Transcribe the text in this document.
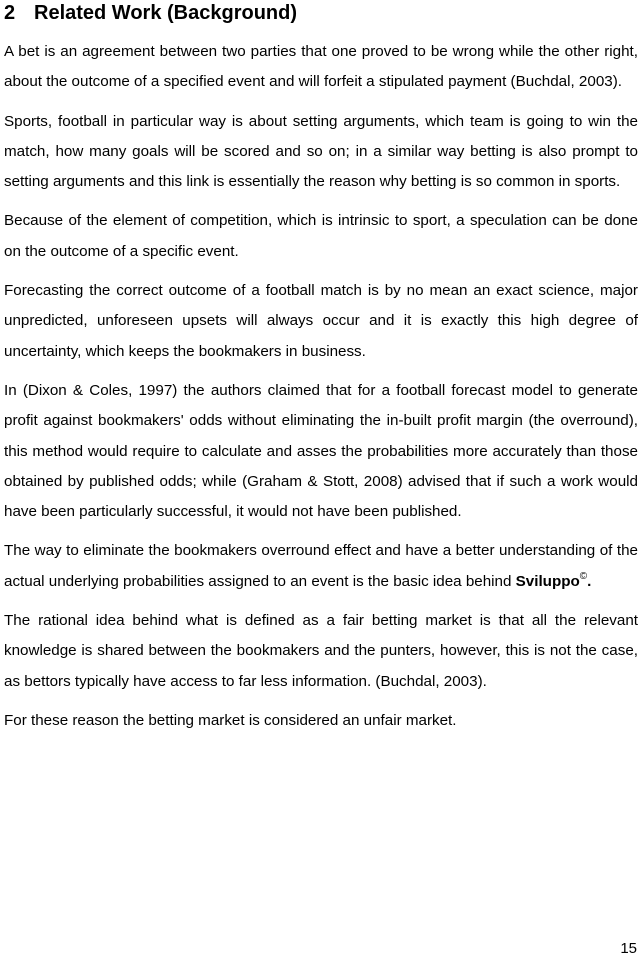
2 Related Work (Background)

A bet is an agreement between two parties that one proved to be wrong while the other right, about the outcome of a specified event and will forfeit a stipulated payment (Buchdal, 2003).

Sports, football in particular way is about setting arguments, which team is going to win the match, how many goals will be scored and so on; in a similar way betting is also prompt to setting arguments and this link is essentially the reason why betting is so common in sports.

Because of the element of competition, which is intrinsic to sport, a speculation can be done on the outcome of a specific event.

Forecasting the correct outcome of a football match is by no mean an exact science, major unpredicted, unforeseen upsets will always occur and it is exactly this high degree of uncertainty, which keeps the bookmakers in business.

In (Dixon & Coles, 1997) the authors claimed that for a football forecast model to generate profit against bookmakers' odds without eliminating the in-built profit margin (the overround), this method would require to calculate and asses the probabilities more accurately than those obtained by published odds; while (Graham & Stott, 2008) advised that if such a work would have been particularly successful, it would not have been published.

The way to eliminate the bookmakers overround effect and have a better understanding of the actual underlying probabilities assigned to an event is the basic idea behind Sviluppo©.

The rational idea behind what is defined as a fair betting market is that all the relevant knowledge is shared between the bookmakers and the punters, however, this is not the case, as bettors typically have access to far less information. (Buchdal, 2003).

For these reason the betting market is considered an unfair market.

15
